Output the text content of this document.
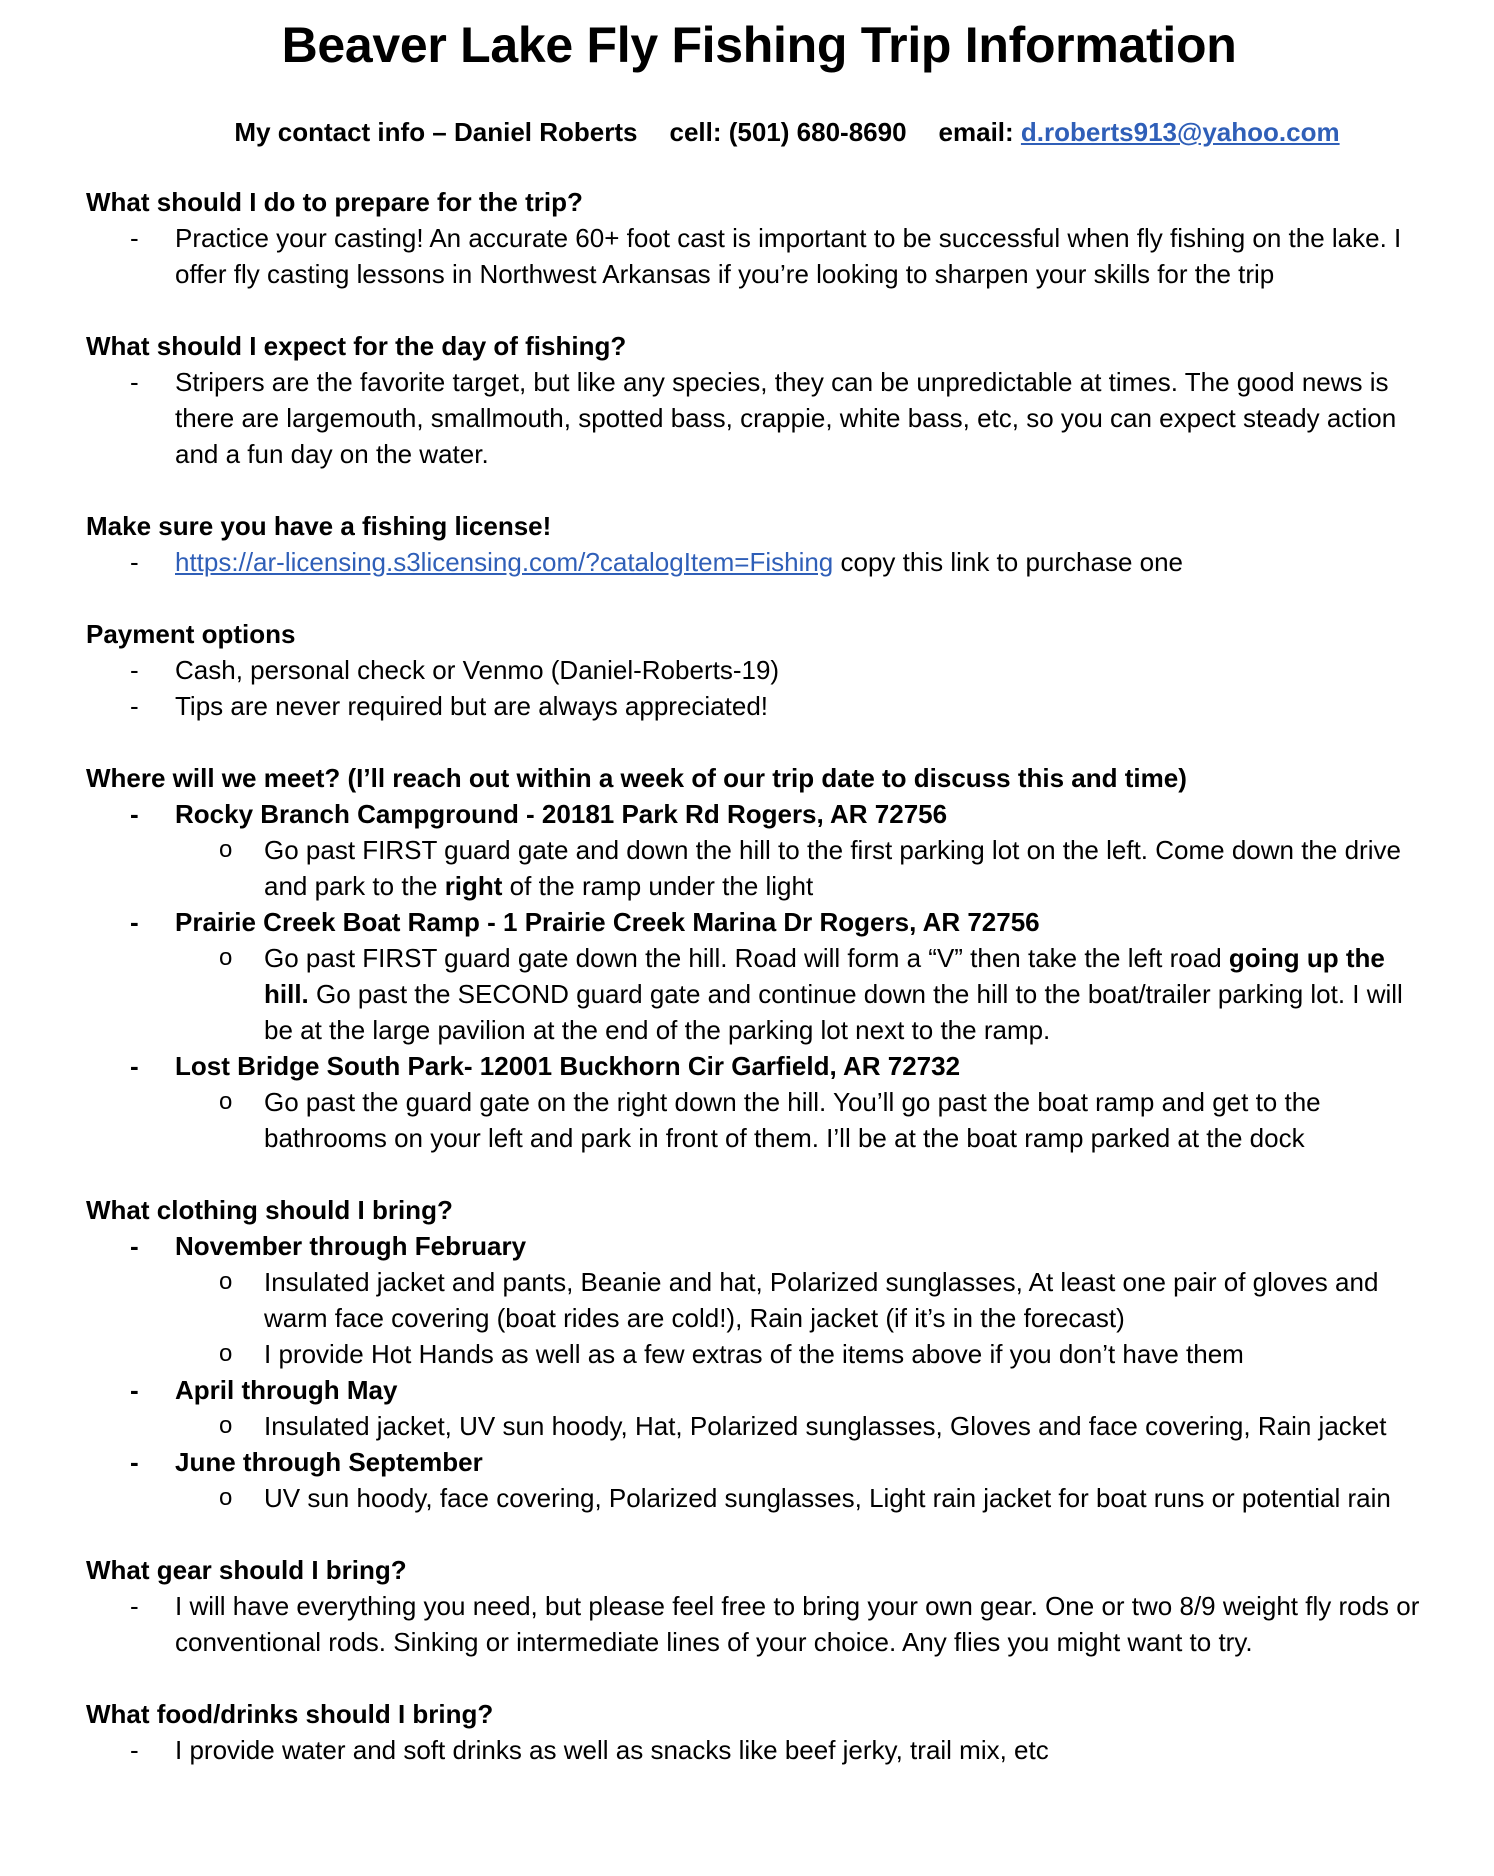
Beaver Lake Fly Fishing Trip Information
My contact info – Daniel Roberts cell: (501) 680-8690 email: d.roberts913@yahoo.com

What should I do to prepare for the trip?

- Practice your casting! An accurate 60+ foot cast is important to be successful when fly fishing on the lake. I offer fly casting lessons in Northwest Arkansas if you’re looking to sharpen your skills for the trip

What should I expect for the day of fishing?

- Stripers are the favorite target, but like any species, they can be unpredictable at times. The good news is there are largemouth, smallmouth, spotted bass, crappie, white bass, etc, so you can expect steady action and a fun day on the water.

Make sure you have a fishing license!

- https://ar-licensing.s3licensing.com/?catalogItem=Fishing copy this link to purchase one

Payment options

- Cash, personal check or Venmo (Daniel-Roberts-19)
- Tips are never required but are always appreciated!

Where will we meet? (I’ll reach out within a week of our trip date to discuss this and time)

- Rocky Branch Campground - 20181 Park Rd Rogers, AR 72756
o Go past FIRST guard gate and down the hill to the first parking lot on the left. Come down the drive and park to the right of the ramp under the light
- Prairie Creek Boat Ramp - 1 Prairie Creek Marina Dr Rogers, AR 72756
o Go past FIRST guard gate down the hill. Road will form a “V” then take the left road going up the hill. Go past the SECOND guard gate and continue down the hill to the boat/trailer parking lot. I will be at the large pavilion at the end of the parking lot next to the ramp.
- Lost Bridge South Park- 12001 Buckhorn Cir Garfield, AR 72732
o Go past the guard gate on the right down the hill. You’ll go past the boat ramp and get to the bathrooms on your left and park in front of them. I’ll be at the boat ramp parked at the dock

What clothing should I bring?

- November through February
o Insulated jacket and pants, Beanie and hat, Polarized sunglasses, At least one pair of gloves and warm face covering (boat rides are cold!), Rain jacket (if it’s in the forecast)
o I provide Hot Hands as well as a few extras of the items above if you don’t have them
- April through May
o Insulated jacket, UV sun hoody, Hat, Polarized sunglasses, Gloves and face covering, Rain jacket
- June through September
o UV sun hoody, face covering, Polarized sunglasses, Light rain jacket for boat runs or potential rain

What gear should I bring?

- I will have everything you need, but please feel free to bring your own gear. One or two 8/9 weight fly rods or conventional rods. Sinking or intermediate lines of your choice. Any flies you might want to try.

What food/drinks should I bring?

- I provide water and soft drinks as well as snacks like beef jerky, trail mix, etc
